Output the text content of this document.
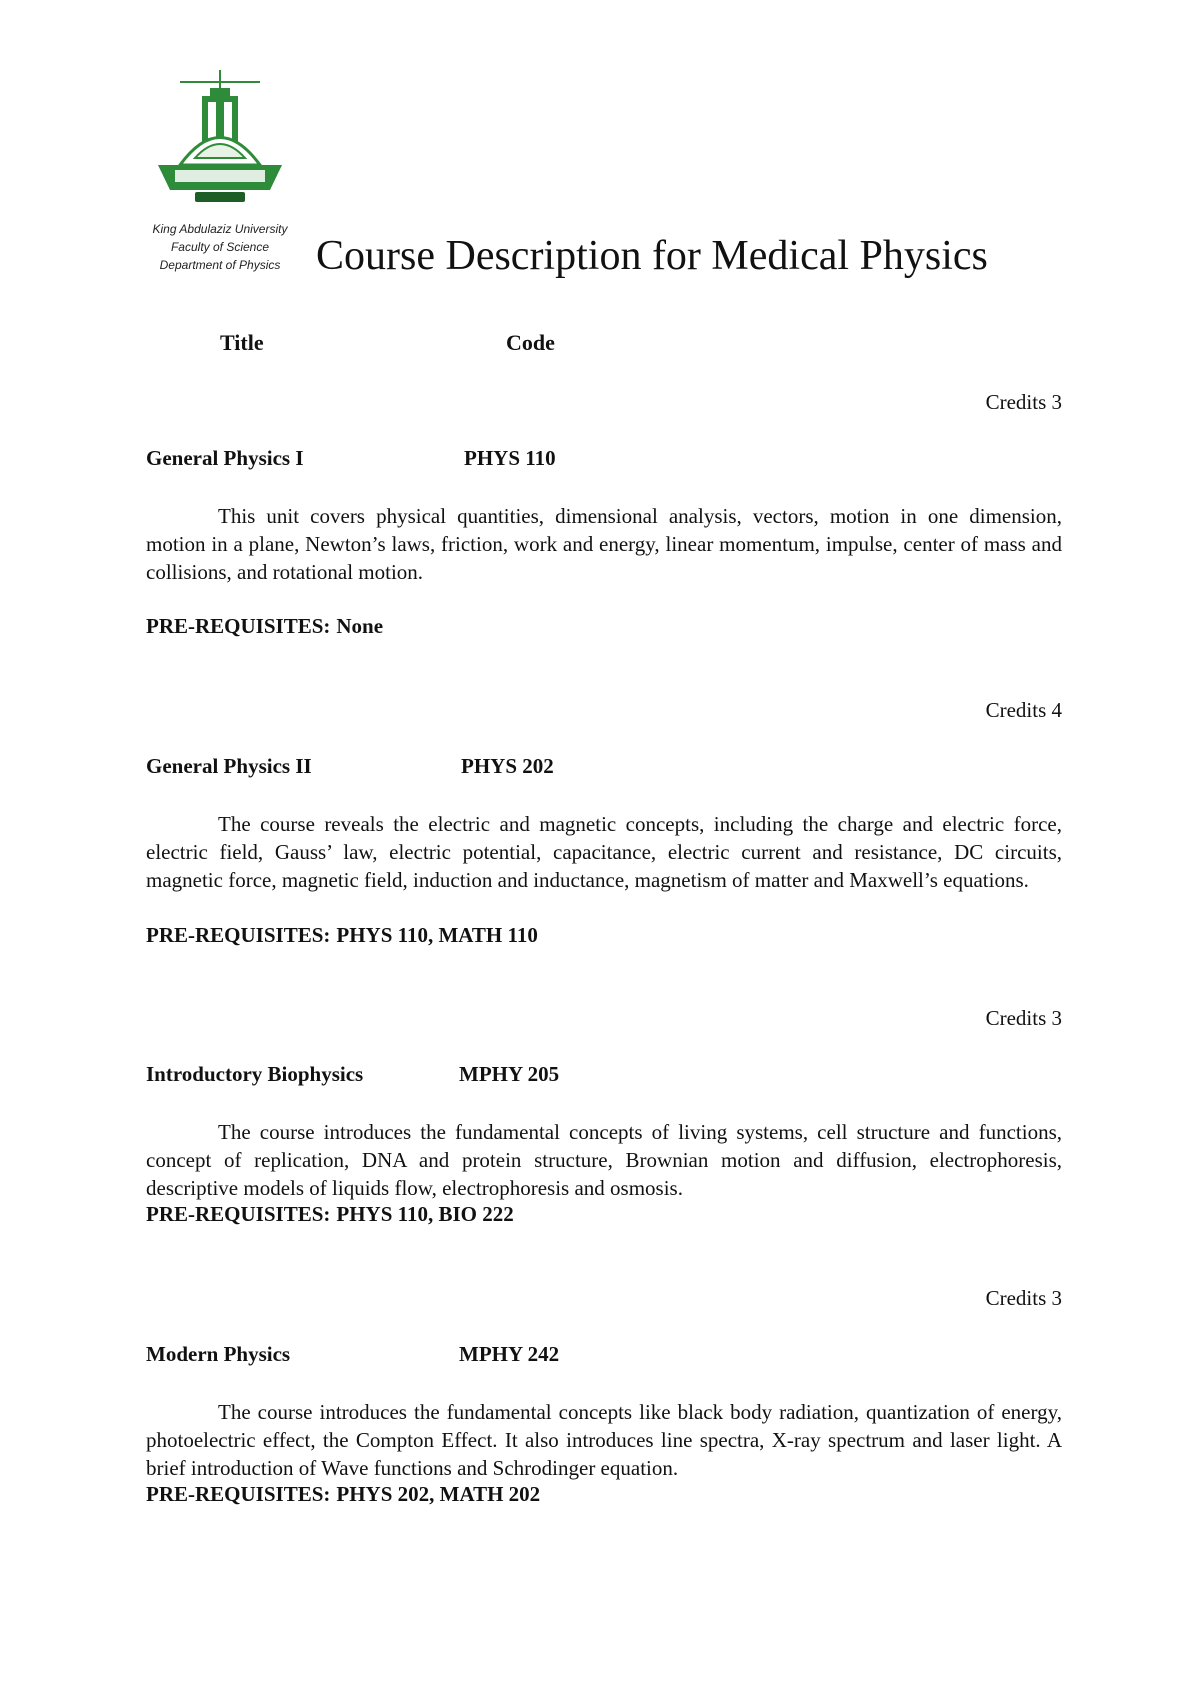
King Abdulaziz University
Faculty of Science
Department of Physics Course Description for Medical Physics
Title	Code
Credits 3
General Physics I	PHYS 110

This unit covers physical quantities, dimensional analysis, vectors, motion in one dimension, motion in a plane, Newton’s laws, friction, work and energy, linear momentum, impulse, center of mass and collisions, and rotational motion.

PRE-REQUISITES: None
Credits 4
General Physics II	PHYS 202

The course reveals the electric and magnetic concepts, including the charge and electric force, electric field, Gauss’ law, electric potential, capacitance, electric current and resistance, DC circuits, magnetic force, magnetic field, induction and inductance, magnetism of matter and Maxwell’s equations.

PRE-REQUISITES: PHYS 110, MATH 110
Credits 3
Introductory Biophysics	MPHY 205

The course introduces the fundamental concepts of living systems, cell structure and functions, concept of replication, DNA and protein structure, Brownian motion and diffusion, electrophoresis, descriptive models of liquids flow, electrophoresis and osmosis.

PRE-REQUISITES: PHYS 110, BIO 222
Credits 3
Modern Physics	MPHY 242

The course introduces the fundamental concepts like black body radiation, quantization of energy, photoelectric effect, the Compton Effect. It also introduces line spectra, X-ray spectrum and laser light. A brief introduction of Wave functions and Schrodinger equation.

PRE-REQUISITES: PHYS 202, MATH 202
